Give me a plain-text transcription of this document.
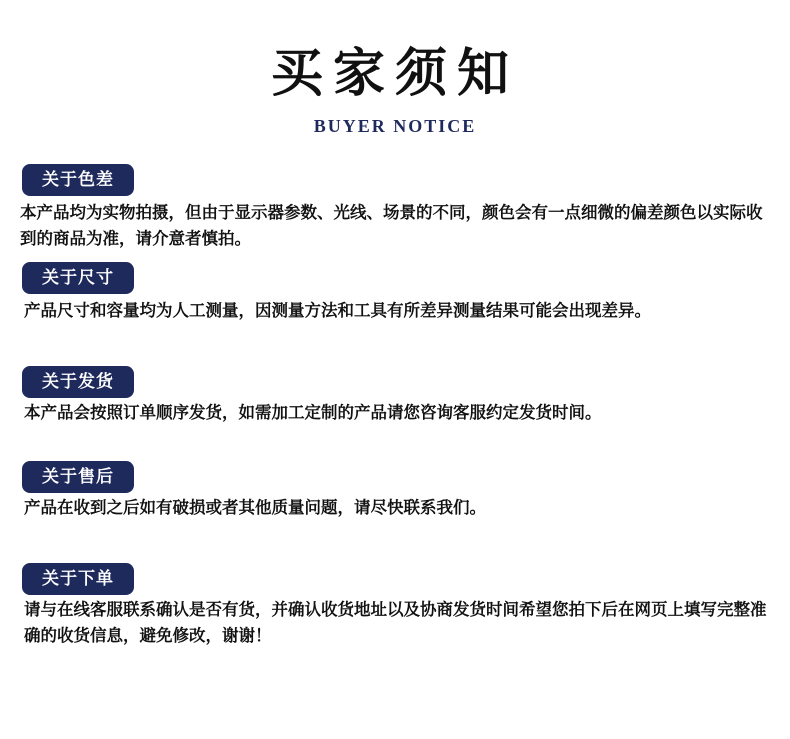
买家须知
BUYER NOTICE
关于色差
本产品均为实物拍摄，但由于显示器参数、光线、场景的不同，颜色会有一点细微的偏差颜色以实际收到的商品为准，请介意者慎拍。
关于尺寸
产品尺寸和容量均为人工测量，因测量方法和工具有所差异测量结果可能会出现差异。
关于发货
本产品会按照订单顺序发货，如需加工定制的产品请您咨询客服约定发货时间。
关于售后
产品在收到之后如有破损或者其他质量问题，请尽快联系我们。
关于下单
请与在线客服联系确认是否有货，并确认收货地址以及协商发货时间希望您拍下后在网页上填写完整准确的收货信息，避免修改，谢谢！
